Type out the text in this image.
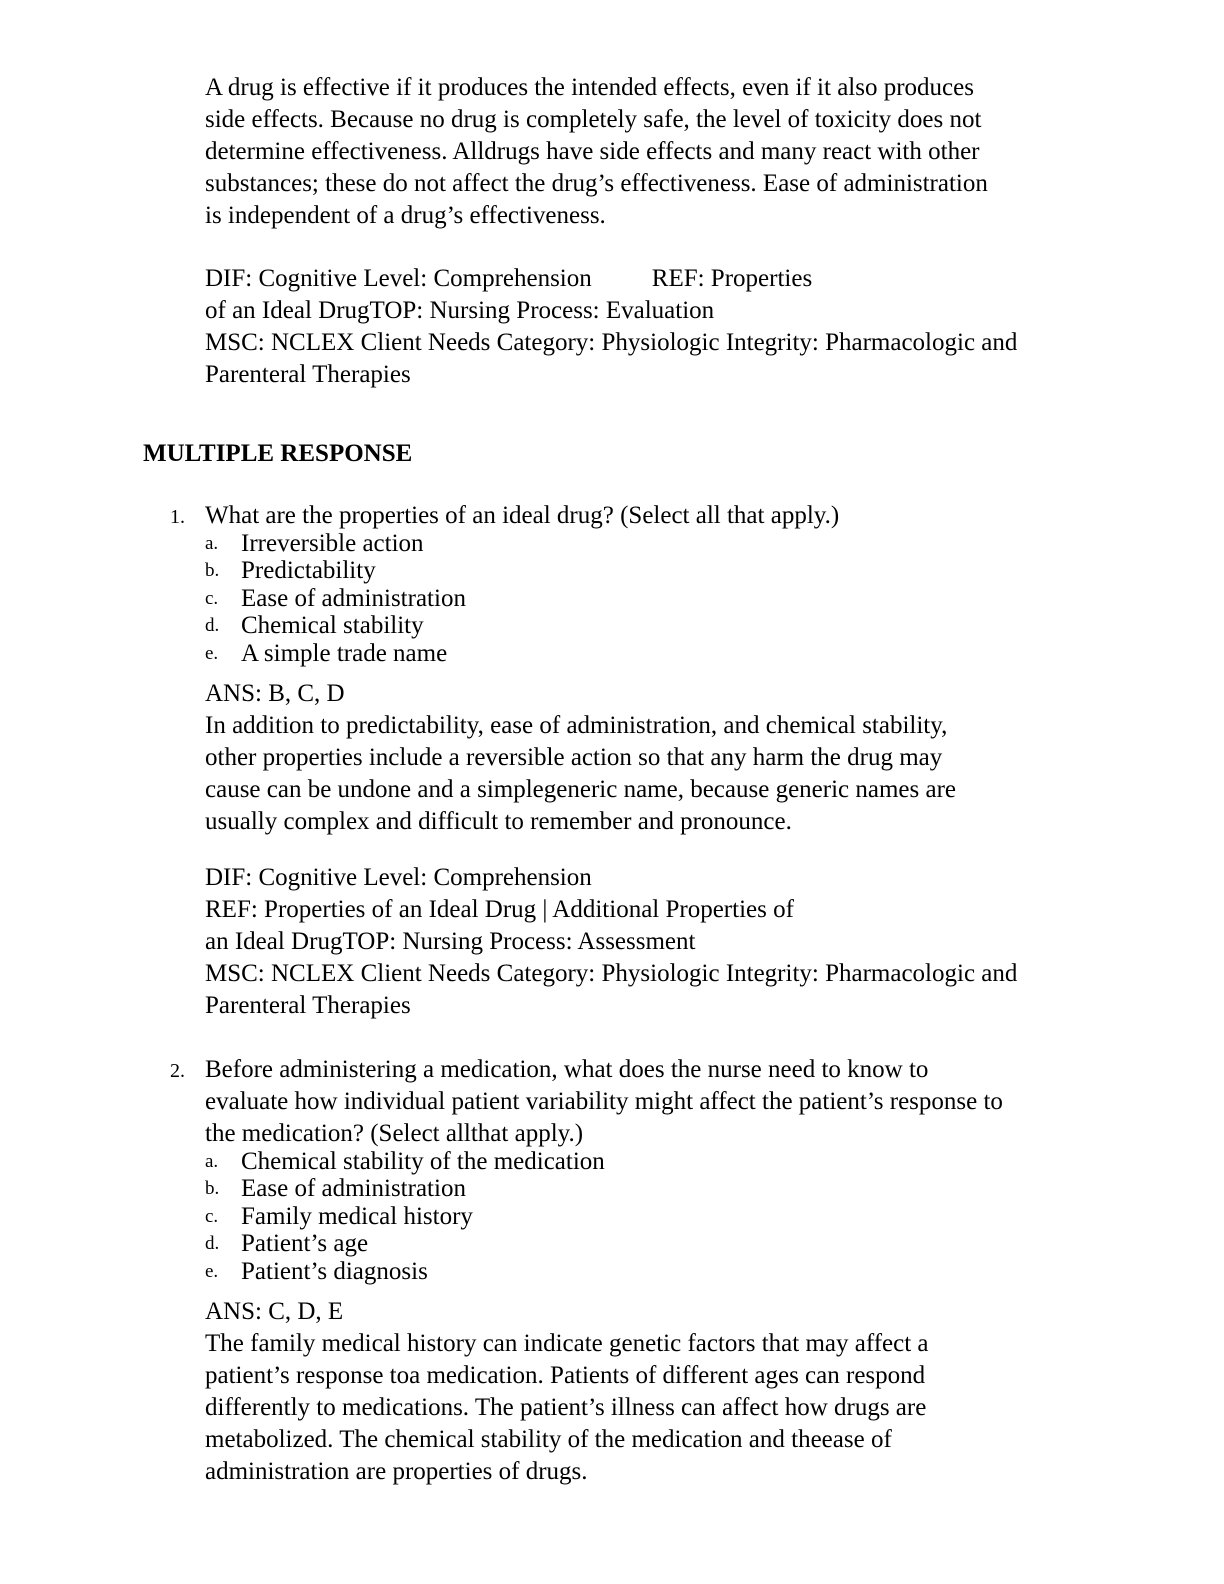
A drug is effective if it produces the intended effects, even if it also produces

side effects. Because no drug is completely safe, the level of toxicity does not

determine effectiveness. Alldrugs have side effects and many react with other

substances; these do not affect the drug’s effectiveness. Ease of administration

is independent of a drug’s effectiveness.

DIF: Cognitive Level: Comprehension REF: Properties

of an Ideal DrugTOP: Nursing Process: Evaluation

MSC: NCLEX Client Needs Category: Physiologic Integrity: Pharmacologic and

Parenteral Therapies

MULTIPLE RESPONSE
1. What are the properties of an ideal drug? (Select all that apply.)

a. Irreversible action
b. Predictability
c. Ease of administration
d. Chemical stability
e. A simple trade name

ANS: B, C, D

In addition to predictability, ease of administration, and chemical stability,

other properties include a reversible action so that any harm the drug may

cause can be undone and a simplegeneric name, because generic names are

usually complex and difficult to remember and pronounce.

DIF: Cognitive Level: Comprehension

REF: Properties of an Ideal Drug | Additional Properties of

an Ideal DrugTOP: Nursing Process: Assessment

MSC: NCLEX Client Needs Category: Physiologic Integrity: Pharmacologic and

Parenteral Therapies

2. Before administering a medication, what does the nurse need to know to

evaluate how individual patient variability might affect the patient’s response to

the medication? (Select allthat apply.)

a. Chemical stability of the medication
b. Ease of administration
c. Family medical history
d. Patient’s age
e. Patient’s diagnosis

ANS: C, D, E

The family medical history can indicate genetic factors that may affect a

patient’s response toa medication. Patients of different ages can respond

differently to medications. The patient’s illness can affect how drugs are

metabolized. The chemical stability of the medication and theease of

administration are properties of drugs.
